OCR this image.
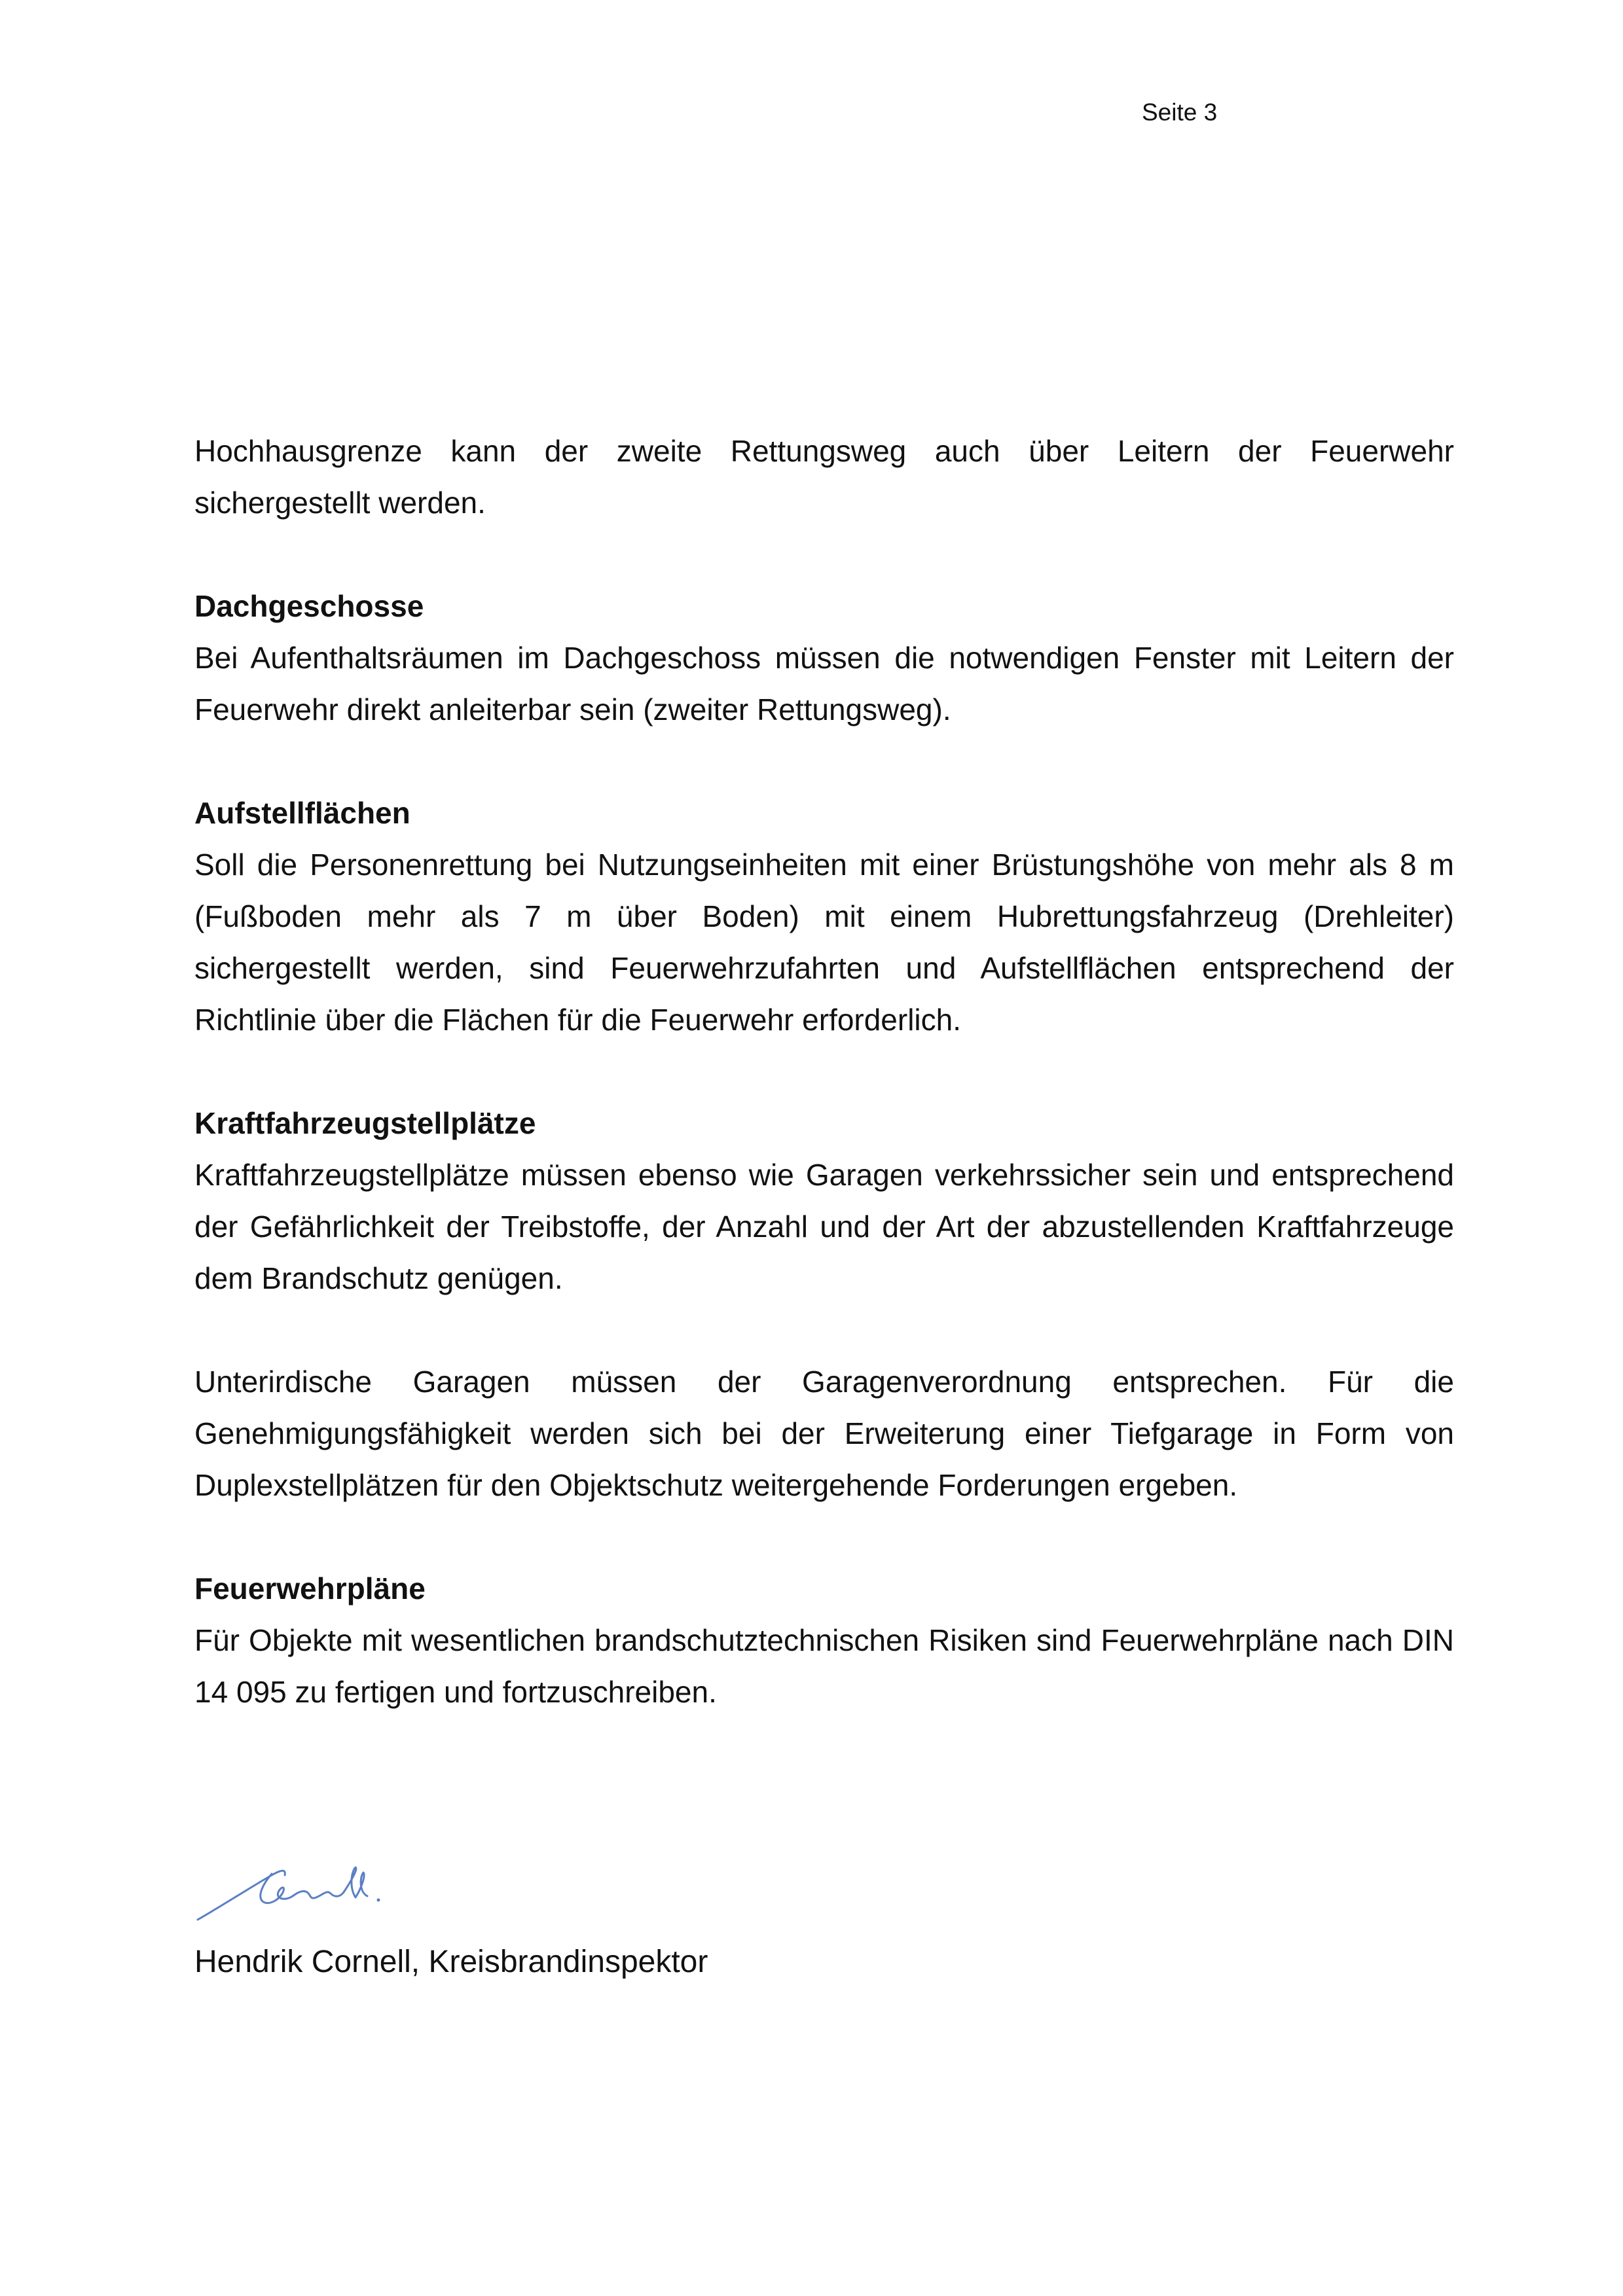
Seite 3

Hochhausgrenze kann der zweite Rettungsweg auch über Leitern der Feuerwehr sichergestellt werden.

Dachgeschosse

Bei Aufenthaltsräumen im Dachgeschoss müssen die notwendigen Fenster mit Leitern der Feuerwehr direkt anleiterbar sein (zweiter Rettungsweg).

Aufstellflächen

Soll die Personenrettung bei Nutzungseinheiten mit einer Brüstungshöhe von mehr als 8 m (Fußboden mehr als 7 m über Boden) mit einem Hubrettungsfahrzeug (Drehleiter) sichergestellt werden, sind Feuerwehrzufahrten und Aufstellflächen entsprechend der Richtlinie über die Flächen für die Feuerwehr erforderlich.

Kraftfahrzeugstellplätze

Kraftfahrzeugstellplätze müssen ebenso wie Garagen verkehrssicher sein und entsprechend der Gefährlichkeit der Treibstoffe, der Anzahl und der Art der abzustellenden Kraftfahrzeuge dem Brandschutz genügen.

Unterirdische Garagen müssen der Garagenverordnung entsprechen. Für die Genehmigungsfähigkeit werden sich bei der Erweiterung einer Tiefgarage in Form von Duplexstellplätzen für den Objektschutz weitergehende Forderungen ergeben.

Feuerwehrpläne

Für Objekte mit wesentlichen brandschutztechnischen Risiken sind Feuerwehrpläne nach DIN 14 095 zu fertigen und fortzuschreiben.

Hendrik Cornell, Kreisbrandinspektor
